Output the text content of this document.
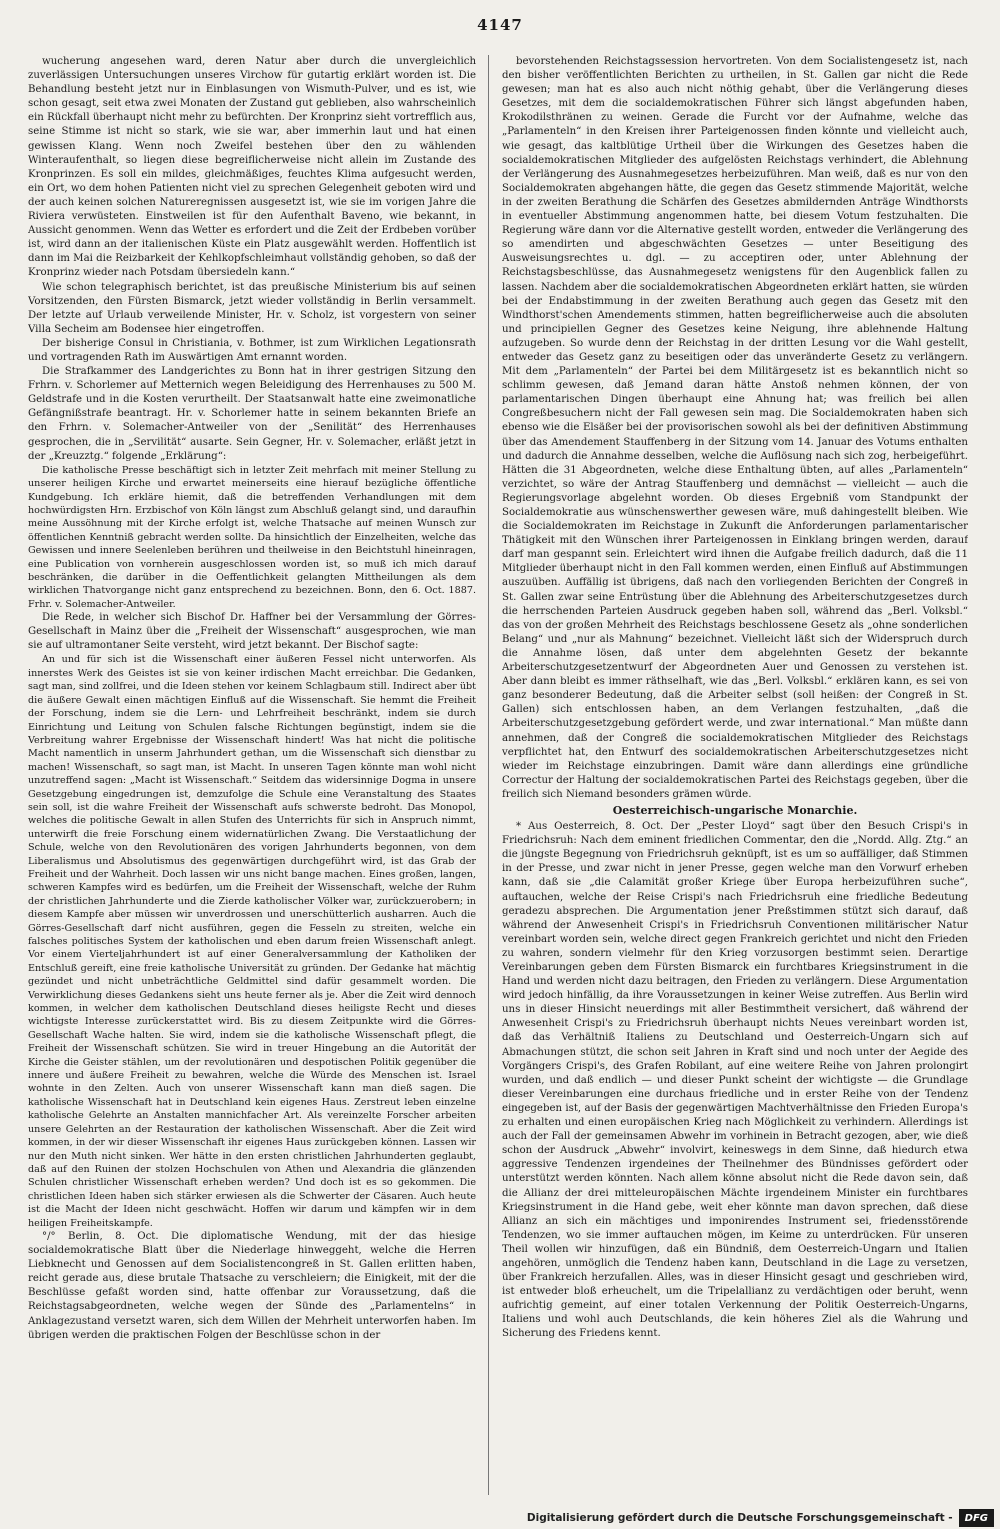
4147

wucherung angesehen ward, deren Natur aber durch die unvergleichlich zuverlässigen Untersuchungen unseres Virchow für gutartig erklärt worden ist. Die Behandlung besteht jetzt nur in Einblasungen von Wismuth-Pulver, und es ist, wie schon gesagt, seit etwa zwei Monaten der Zustand gut geblieben, also wahrscheinlich ein Rückfall überhaupt nicht mehr zu befürchten. Der Kronprinz sieht vortrefflich aus, seine Stimme ist nicht so stark, wie sie war, aber immerhin laut und hat einen gewissen Klang. Wenn noch Zweifel bestehen über den zu wählenden Winteraufenthalt, so liegen diese begreiflicherweise nicht allein im Zustande des Kronprinzen. Es soll ein mildes, gleichmäßiges, feuchtes Klima aufgesucht werden, ein Ort, wo dem hohen Patienten nicht viel zu sprechen Gelegenheit geboten wird und der auch keinen solchen Natureregnissen ausgesetzt ist, wie sie im vorigen Jahre die Riviera verwüsteten. Einstweilen ist für den Aufenthalt Baveno, wie bekannt, in Aussicht genommen. Wenn das Wetter es erfordert und die Zeit der Erdbeben vorüber ist, wird dann an der italienischen Küste ein Platz ausgewählt werden. Hoffentlich ist dann im Mai die Reizbarkeit der Kehlkopfschleimhaut vollständig gehoben, so daß der Kronprinz wieder nach Potsdam übersiedeln kann.“

Wie schon telegraphisch berichtet, ist das preußische Ministerium bis auf seinen Vorsitzenden, den Fürsten Bismarck, jetzt wieder vollständig in Berlin versammelt. Der letzte auf Urlaub verweilende Minister, Hr. v. Scholz, ist vorgestern von seiner Villa Secheim am Bodensee hier eingetroffen.

Der bisherige Consul in Christiania, v. Bothmer, ist zum Wirklichen Legationsrath und vortragenden Rath im Auswärtigen Amt ernannt worden.

Die Strafkammer des Landgerichtes zu Bonn hat in ihrer gestrigen Sitzung den Frhrn. v. Schorlemer auf Metternich wegen Beleidigung des Herrenhauses zu 500 M. Geldstrafe und in die Kosten verurtheilt. Der Staatsanwalt hatte eine zweimonatliche Gefängnißstrafe beantragt. Hr. v. Schorlemer hatte in seinem bekannten Briefe an den Frhrn. v. Solemacher-Antweiler von der „Senilität“ des Herrenhauses gesprochen, die in „Servilität“ ausarte. Sein Gegner, Hr. v. Solemacher, erläßt jetzt in der „Kreuzztg.“ folgende „Erklärung“:

Die katholische Presse beschäftigt sich in letzter Zeit mehrfach mit meiner Stellung zu unserer heiligen Kirche und erwartet meinerseits eine hierauf bezügliche öffentliche Kundgebung. Ich erkläre hiemit, daß die betreffenden Verhandlungen mit dem hochwürdigsten Hrn. Erzbischof von Köln längst zum Abschluß gelangt sind, und daraufhin meine Aussöhnung mit der Kirche erfolgt ist, welche Thatsache auf meinen Wunsch zur öffentlichen Kenntniß gebracht werden sollte. Da hinsichtlich der Einzelheiten, welche das Gewissen und innere Seelenleben berühren und theilweise in den Beichtstuhl hineinragen, eine Publication von vornherein ausgeschlossen worden ist, so muß ich mich darauf beschränken, die darüber in die Oeffentlichkeit gelangten Mittheilungen als dem wirklichen Thatvorgange nicht ganz entsprechend zu bezeichnen. Bonn, den 6. Oct. 1887. Frhr. v. Solemacher-Antweiler.

Die Rede, in welcher sich Bischof Dr. Haffner bei der Versammlung der Görres-Gesellschaft in Mainz über die „Freiheit der Wissenschaft“ ausgesprochen, wie man sie auf ultramontaner Seite versteht, wird jetzt bekannt. Der Bischof sagte:

An und für sich ist die Wissenschaft einer äußeren Fessel nicht unterworfen. Als innerstes Werk des Geistes ist sie von keiner irdischen Macht erreichbar. Die Gedanken, sagt man, sind zollfrei, und die Ideen stehen vor keinem Schlagbaum still. Indirect aber übt die äußere Gewalt einen mächtigen Einfluß auf die Wissenschaft. Sie hemmt die Freiheit der Forschung, indem sie die Lern- und Lehrfreiheit beschränkt, indem sie durch Einrichtung und Leitung von Schulen falsche Richtungen begünstigt, indem sie die Verbreitung wahrer Ergebnisse der Wissenschaft hindert! Was hat nicht die politische Macht namentlich in unserm Jahrhundert gethan, um die Wissenschaft sich dienstbar zu machen! Wissenschaft, so sagt man, ist Macht. In unseren Tagen könnte man wohl nicht unzutreffend sagen: „Macht ist Wissenschaft.“ Seitdem das widersinnige Dogma in unsere Gesetzgebung eingedrungen ist, demzufolge die Schule eine Veranstaltung des Staates sein soll, ist die wahre Freiheit der Wissenschaft aufs schwerste bedroht. Das Monopol, welches die politische Gewalt in allen Stufen des Unterrichts für sich in Anspruch nimmt, unterwirft die freie Forschung einem widernatürlichen Zwang. Die Verstaatlichung der Schule, welche von den Revolutionären des vorigen Jahrhunderts begonnen, von dem Liberalismus und Absolutismus des gegenwärtigen durchgeführt wird, ist das Grab der Freiheit und der Wahrheit. Doch lassen wir uns nicht bange machen. Eines großen, langen, schweren Kampfes wird es bedürfen, um die Freiheit der Wissenschaft, welche der Ruhm der christlichen Jahrhunderte und die Zierde katholischer Völker war, zurückzuerobern; in diesem Kampfe aber müssen wir unverdrossen und unerschütterlich ausharren. Auch die Görres-Gesellschaft darf nicht ausführen, gegen die Fesseln zu streiten, welche ein falsches politisches System der katholischen und eben darum freien Wissenschaft anlegt. Vor einem Vierteljahrhundert ist auf einer Generalversammlung der Katholiken der Entschluß gereift, eine freie katholische Universität zu gründen. Der Gedanke hat mächtig gezündet und nicht unbeträchtliche Geldmittel sind dafür gesammelt worden. Die Verwirklichung dieses Gedankens sieht uns heute ferner als je. Aber die Zeit wird dennoch kommen, in welcher dem katholischen Deutschland dieses heiligste Recht und dieses wichtigste Interesse zurückerstattet wird. Bis zu diesem Zeitpunkte wird die Görres-Gesellschaft Wache halten. Sie wird, indem sie die katholische Wissenschaft pflegt, die Freiheit der Wissenschaft schützen. Sie wird in treuer Hingebung an die Autorität der Kirche die Geister stählen, um der revolutionären und despotischen Politik gegenüber die innere und äußere Freiheit zu bewahren, welche die Würde des Menschen ist. Israel wohnte in den Zelten. Auch von unserer Wissenschaft kann man dieß sagen. Die katholische Wissenschaft hat in Deutschland kein eigenes Haus. Zerstreut leben einzelne katholische Gelehrte an Anstalten mannichfacher Art. Als vereinzelte Forscher arbeiten unsere Gelehrten an der Restauration der katholischen Wissenschaft. Aber die Zeit wird kommen, in der wir dieser Wissenschaft ihr eigenes Haus zurückgeben können. Lassen wir nur den Muth nicht sinken. Wer hätte in den ersten christlichen Jahrhunderten geglaubt, daß auf den Ruinen der stolzen Hochschulen von Athen und Alexandria die glänzenden Schulen christlicher Wissenschaft erheben werden? Und doch ist es so gekommen. Die christlichen Ideen haben sich stärker erwiesen als die Schwerter der Cäsaren. Auch heute ist die Macht der Ideen nicht geschwächt. Hoffen wir darum und kämpfen wir in dem heiligen Freiheitskampfe.

°/° Berlin, 8. Oct. Die diplomatische Wendung, mit der das hiesige socialdemokratische Blatt über die Niederlage hinweggeht, welche die Herren Liebknecht und Genossen auf dem Socialistencongreß in St. Gallen erlitten haben, reicht gerade aus, diese brutale Thatsache zu verschleiern; die Einigkeit, mit der die Beschlüsse gefaßt worden sind, hatte offenbar zur Voraussetzung, daß die Reichstagsabgeordneten, welche wegen der Sünde des „Parlamentelns“ in Anklagezustand versetzt waren, sich dem Willen der Mehrheit unterworfen haben. Im übrigen werden die praktischen Folgen der Beschlüsse schon in der

bevorstehenden Reichstagssession hervortreten. Von dem Socialistengesetz ist, nach den bisher veröffentlichten Berichten zu urtheilen, in St. Gallen gar nicht die Rede gewesen; man hat es also auch nicht nöthig gehabt, über die Verlängerung dieses Gesetzes, mit dem die socialdemokratischen Führer sich längst abgefunden haben, Krokodilsthränen zu weinen. Gerade die Furcht vor der Aufnahme, welche das „Parlamenteln“ in den Kreisen ihrer Parteigenossen finden könnte und vielleicht auch, wie gesagt, das kaltblütige Urtheil über die Wirkungen des Gesetzes haben die socialdemokratischen Mitglieder des aufgelösten Reichstags verhindert, die Ablehnung der Verlängerung des Ausnahmegesetzes herbeizuführen. Man weiß, daß es nur von den Socialdemokraten abgehangen hätte, die gegen das Gesetz stimmende Majorität, welche in der zweiten Berathung die Schärfen des Gesetzes abmildernden Anträge Windthorsts in eventueller Abstimmung angenommen hatte, bei diesem Votum festzuhalten. Die Regierung wäre dann vor die Alternative gestellt worden, entweder die Verlängerung des so amendirten und abgeschwächten Gesetzes — unter Beseitigung des Ausweisungsrechtes u. dgl. — zu acceptiren oder, unter Ablehnung der Reichstagsbeschlüsse, das Ausnahmegesetz wenigstens für den Augenblick fallen zu lassen. Nachdem aber die socialdemokratischen Abgeordneten erklärt hatten, sie würden bei der Endabstimmung in der zweiten Berathung auch gegen das Gesetz mit den Windthorst'schen Amendements stimmen, hatten begreiflicherweise auch die absoluten und principiellen Gegner des Gesetzes keine Neigung, ihre ablehnende Haltung aufzugeben. So wurde denn der Reichstag in der dritten Lesung vor die Wahl gestellt, entweder das Gesetz ganz zu beseitigen oder das unveränderte Gesetz zu verlängern. Mit dem „Parlamenteln“ der Partei bei dem Militärgesetz ist es bekanntlich nicht so schlimm gewesen, daß Jemand daran hätte Anstoß nehmen können, der von parlamentarischen Dingen überhaupt eine Ahnung hat; was freilich bei allen Congreßbesuchern nicht der Fall gewesen sein mag. Die Socialdemokraten haben sich ebenso wie die Elsäßer bei der provisorischen sowohl als bei der definitiven Abstimmung über das Amendement Stauffenberg in der Sitzung vom 14. Januar des Votums enthalten und dadurch die Annahme desselben, welche die Auflösung nach sich zog, herbeigeführt. Hätten die 31 Abgeordneten, welche diese Enthaltung übten, auf alles „Parlamenteln“ verzichtet, so wäre der Antrag Stauffenberg und demnächst — vielleicht — auch die Regierungsvorlage abgelehnt worden. Ob dieses Ergebniß vom Standpunkt der Socialdemokratie aus wünschenswerther gewesen wäre, muß dahingestellt bleiben. Wie die Socialdemokraten im Reichstage in Zukunft die Anforderungen parlamentarischer Thätigkeit mit den Wünschen ihrer Parteigenossen in Einklang bringen werden, darauf darf man gespannt sein. Erleichtert wird ihnen die Aufgabe freilich dadurch, daß die 11 Mitglieder überhaupt nicht in den Fall kommen werden, einen Einfluß auf Abstimmungen auszuüben. Auffällig ist übrigens, daß nach den vorliegenden Berichten der Congreß in St. Gallen zwar seine Entrüstung über die Ablehnung des Arbeiterschutzgesetzes durch die herrschenden Parteien Ausdruck gegeben haben soll, während das „Berl. Volksbl.“ das von der großen Mehrheit des Reichstags beschlossene Gesetz als „ohne sonderlichen Belang“ und „nur als Mahnung“ bezeichnet. Vielleicht läßt sich der Widerspruch durch die Annahme lösen, daß unter dem abgelehnten Gesetz der bekannte Arbeiterschutzgesetzentwurf der Abgeordneten Auer und Genossen zu verstehen ist. Aber dann bleibt es immer räthselhaft, wie das „Berl. Volksbl.“ erklären kann, es sei von ganz besonderer Bedeutung, daß die Arbeiter selbst (soll heißen: der Congreß in St. Gallen) sich entschlossen haben, an dem Verlangen festzuhalten, „daß die Arbeiterschutzgesetzgebung gefördert werde, und zwar international.“ Man müßte dann annehmen, daß der Congreß die socialdemokratischen Mitglieder des Reichstags verpflichtet hat, den Entwurf des socialdemokratischen Arbeiterschutzgesetzes nicht wieder im Reichstage einzubringen. Damit wäre dann allerdings eine gründliche Correctur der Haltung der socialdemokratischen Partei des Reichstags gegeben, über die freilich sich Niemand besonders grämen würde.

Oesterreichisch-ungarische Monarchie.

* Aus Oesterreich, 8. Oct. Der „Pester Lloyd“ sagt über den Besuch Crispi's in Friedrichsruh: Nach dem eminent friedlichen Commentar, den die „Nordd. Allg. Ztg.“ an die jüngste Begegnung von Friedrichsruh geknüpft, ist es um so auffälliger, daß Stimmen in der Presse, und zwar nicht in jener Presse, gegen welche man den Vorwurf erheben kann, daß sie „die Calamität großer Kriege über Europa herbeizuführen suche“, auftauchen, welche der Reise Crispi's nach Friedrichsruh eine friedliche Bedeutung geradezu absprechen. Die Argumentation jener Preßstimmen stützt sich darauf, daß während der Anwesenheit Crispi's in Friedrichsruh Conventionen militärischer Natur vereinbart worden sein, welche direct gegen Frankreich gerichtet und nicht den Frieden zu wahren, sondern vielmehr für den Krieg vorzusorgen bestimmt seien. Derartige Vereinbarungen geben dem Fürsten Bismarck ein furchtbares Kriegsinstrument in die Hand und werden nicht dazu beitragen, den Frieden zu verlängern. Diese Argumentation wird jedoch hinfällig, da ihre Voraussetzungen in keiner Weise zutreffen. Aus Berlin wird uns in dieser Hinsicht neuerdings mit aller Bestimmtheit versichert, daß während der Anwesenheit Crispi's zu Friedrichsruh überhaupt nichts Neues vereinbart worden ist, daß das Verhältniß Italiens zu Deutschland und Oesterreich-Ungarn sich auf Abmachungen stützt, die schon seit Jahren in Kraft sind und noch unter der Aegide des Vorgängers Crispi's, des Grafen Robilant, auf eine weitere Reihe von Jahren prolongirt wurden, und daß endlich — und dieser Punkt scheint der wichtigste — die Grundlage dieser Vereinbarungen eine durchaus friedliche und in erster Reihe von der Tendenz eingegeben ist, auf der Basis der gegenwärtigen Machtverhältnisse den Frieden Europa's zu erhalten und einen europäischen Krieg nach Möglichkeit zu verhindern. Allerdings ist auch der Fall der gemeinsamen Abwehr im vorhinein in Betracht gezogen, aber, wie dieß schon der Ausdruck „Abwehr“ involvirt, keineswegs in dem Sinne, daß hiedurch etwa aggressive Tendenzen irgendeines der Theilnehmer des Bündnisses gefördert oder unterstützt werden könnten. Nach allem könne absolut nicht die Rede davon sein, daß die Allianz der drei mitteleuropäischen Mächte irgendeinem Minister ein furchtbares Kriegsinstrument in die Hand gebe, weit eher könnte man davon sprechen, daß diese Allianz an sich ein mächtiges und imponirendes Instrument sei, friedensstörende Tendenzen, wo sie immer auftauchen mögen, im Keime zu unterdrücken. Für unseren Theil wollen wir hinzufügen, daß ein Bündniß, dem Oesterreich-Ungarn und Italien angehören, unmöglich die Tendenz haben kann, Deutschland in die Lage zu versetzen, über Frankreich herzufallen. Alles, was in dieser Hinsicht gesagt und geschrieben wird, ist entweder bloß erheuchelt, um die Tripelallianz zu verdächtigen oder beruht, wenn aufrichtig gemeint, auf einer totalen Verkennung der Politik Oesterreich-Ungarns, Italiens und wohl auch Deutschlands, die kein höheres Ziel als die Wahrung und Sicherung des Friedens kennt.

Digitalisierung gefördert durch die Deutsche Forschungsgemeinschaft -	DFG
